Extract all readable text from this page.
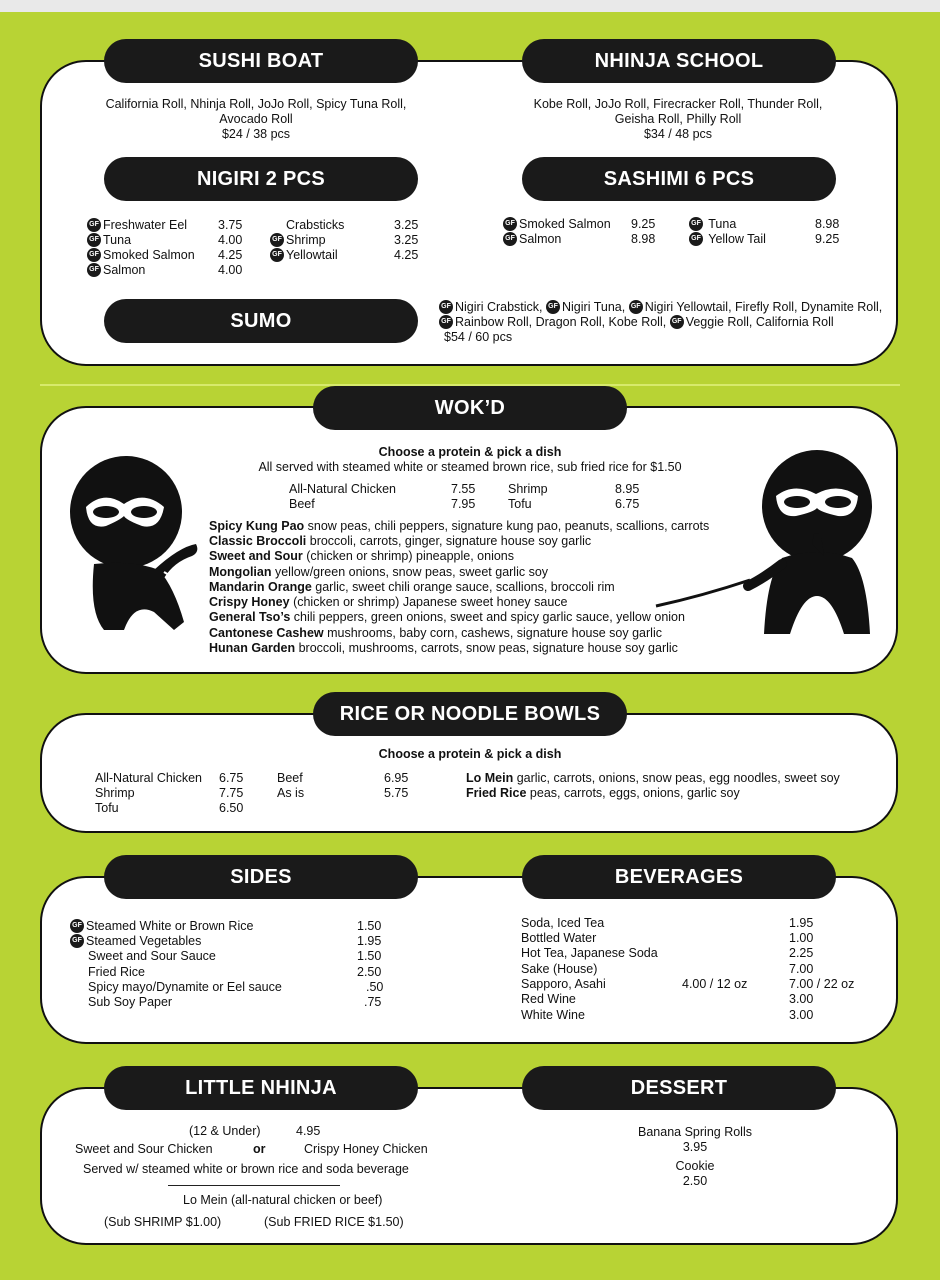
SUSHI BOAT	NHINJA SCHOOL
California Roll, Nhinja Roll, JoJo Roll, Spicy Tuna Roll,
Avocado Roll
$24 / 38 pcs
Kobe Roll, JoJo Roll, Firecracker Roll, Thunder Roll,
Geisha Roll, Philly Roll
$34 / 48 pcs
NIGIRI 2 PCS	SASHIMI 6 PCS
GF Freshwater Eel 3.75
GF Tuna	4.00
GF Smoked Salmon 4.25
GF Salmon	4.00
Crabsticks	3.25
GF Shrimp	3.25
GF Yellowtail	4.25
GF Smoked Salmon 9.25
GF Salmon	8.98
GF Tuna	8.98
GF Yellow Tail	9.25
SUMO
GF Nigiri Crabstick, GF Nigiri Tuna, GF Nigiri Yellowtail, Firefly Roll, Dynamite Roll,
GF Rainbow Roll, Dragon Roll, Kobe Roll, GF Veggie Roll, California Roll
$54 / 60 pcs
WOK’D
Choose a protein & pick a dish
All served with steamed white or steamed brown rice, sub fried rice for $1.50
All-Natural Chicken	7.55
Beef	7.95
Shrimp	8.95
Tofu	6.75
Spicy Kung Pao snow peas, chili peppers, signature kung pao, peanuts, scallions, carrots
Classic Broccoli broccoli, carrots, ginger, signature house soy garlic
Sweet and Sour (chicken or shrimp) pineapple, onions
Mongolian yellow/green onions, snow peas, sweet garlic soy
Mandarin Orange garlic, sweet chili orange sauce, scallions, broccoli rim
Crispy Honey (chicken or shrimp) Japanese sweet honey sauce
General Tso’s chili peppers, green onions, sweet and spicy garlic sauce, yellow onion
Cantonese Cashew mushrooms, baby corn, cashews, signature house soy garlic
Hunan Garden broccoli, mushrooms, carrots, snow peas, signature house soy garlic
RICE OR NOODLE BOWLS
Choose a protein & pick a dish
All-Natural Chicken 6.75
Shrimp	7.75
Tofu	6.50
Beef	6.95
As is	5.75
Lo Mein garlic, carrots, onions, snow peas, egg noodles, sweet soy
Fried Rice peas, carrots, eggs, onions, garlic soy
SIDES	BEVERAGES
GF Steamed White or Brown Rice	1.50
GF Steamed Vegetables	1.95
Sweet and Sour Sauce	1.50
Fried Rice	2.50
Spicy mayo/Dynamite or Eel sauce	.50
Sub Soy Paper	.75
Soda, Iced Tea	1.95
Bottled Water	1.00
Hot Tea, Japanese Soda	2.25
Sake (House)	7.00
Sapporo, Asahi	4.00 / 12 oz	7.00 / 22 oz
Red Wine	3.00
White Wine	3.00
LITTLE NHINJA	DESSERT
(12 & Under)	4.95
Sweet and Sour Chicken	or	Crispy Honey Chicken
Served w/ steamed white or brown rice and soda beverage
Lo Mein (all-natural chicken or beef)
(Sub SHRIMP $1.00)	(Sub FRIED RICE $1.50)
Banana Spring Rolls
3.95
Cookie
2.50
